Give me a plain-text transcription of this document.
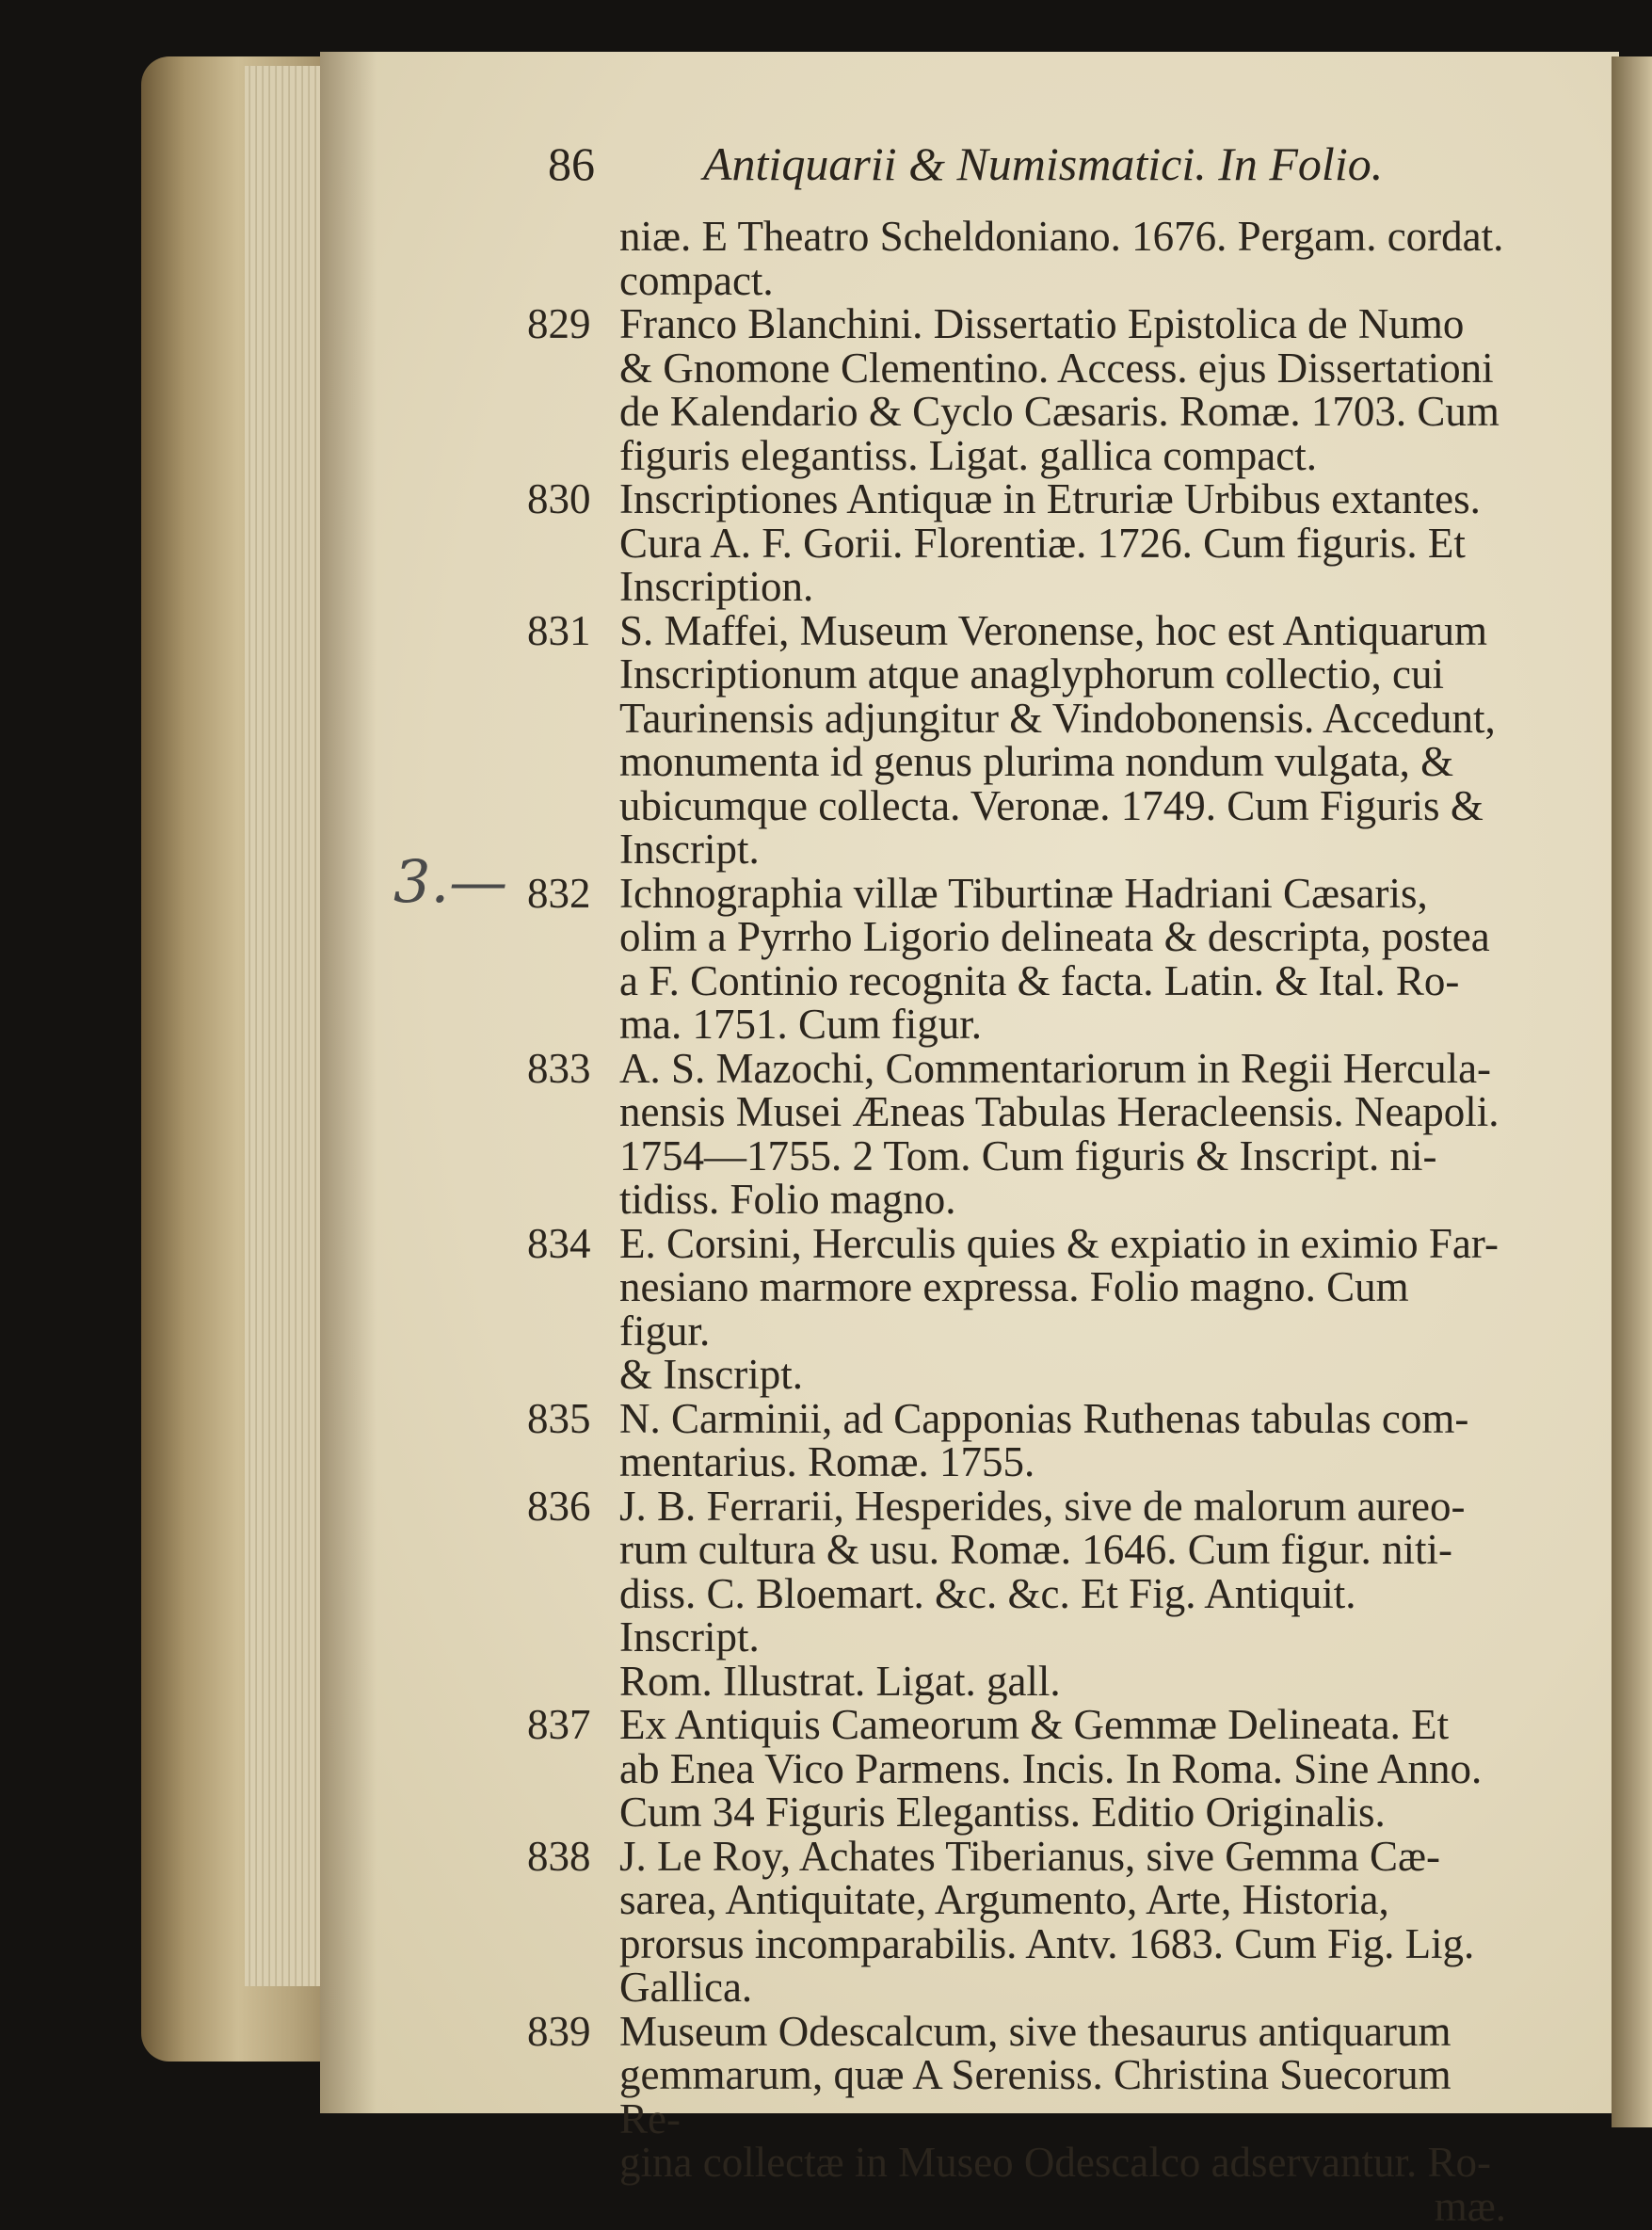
86 Antiquarii & Numismatici. In Folio.
3.—
niæ. E Theatro Scheldoniano. 1676. Pergam. cordat.
compact.
829 Franco Blanchini. Dissertatio Epistolica de Numo
& Gnomone Clementino. Access. ejus Dissertationi
de Kalendario & Cyclo Cæsaris. Romæ. 1703. Cum
figuris elegantiss. Ligat. gallica compact.
830 Inscriptiones Antiquæ in Etruriæ Urbibus extantes.
Cura A. F. Gorii. Florentiæ. 1726. Cum figuris. Et
Inscription.
831 S. Maffei, Museum Veronense, hoc est Antiquarum
Inscriptionum atque anaglyphorum collectio, cui
Taurinensis adjungitur & Vindobonensis. Accedunt,
monumenta id genus plurima nondum vulgata, &
ubicumque collecta. Veronæ. 1749. Cum Figuris &
Inscript.
832 Ichnographia villæ Tiburtinæ Hadriani Cæsaris,
olim a Pyrrho Ligorio delineata & descripta, postea
a F. Continio recognita & facta. Latin. & Ital. Ro-
ma. 1751. Cum figur.
833 A. S. Mazochi, Commentariorum in Regii Hercula-
nensis Musei Æneas Tabulas Heracleensis. Neapoli.
1754—1755. 2 Tom. Cum figuris & Inscript. ni-
tidiss. Folio magno.
834 E. Corsini, Herculis quies & expiatio in eximio Far-
nesiano marmore expressa. Folio magno. Cum figur.
& Inscript.
835 N. Carminii, ad Capponias Ruthenas tabulas com-
mentarius. Romæ. 1755.
836 J. B. Ferrarii, Hesperides, sive de malorum aureo-
rum cultura & usu. Romæ. 1646. Cum figur. niti-
diss. C. Bloemart. &c. &c. Et Fig. Antiquit. Inscript.
Rom. Illustrat. Ligat. gall.
837 Ex Antiquis Cameorum & Gemmæ Delineata. Et
ab Enea Vico Parmens. Incis. In Roma. Sine Anno.
Cum 34 Figuris Elegantiss. Editio Originalis.
838 J. Le Roy, Achates Tiberianus, sive Gemma Cæ-
sarea, Antiquitate, Argumento, Arte, Historia,
prorsus incomparabilis. Antv. 1683. Cum Fig. Lig.
Gallica.
839 Museum Odescalcum, sive thesaurus antiquarum
gemmarum, quæ A Sereniss. Christina Suecorum Re-
gina collectæ in Museo Odescalco adservantur. Ro-
mæ.
